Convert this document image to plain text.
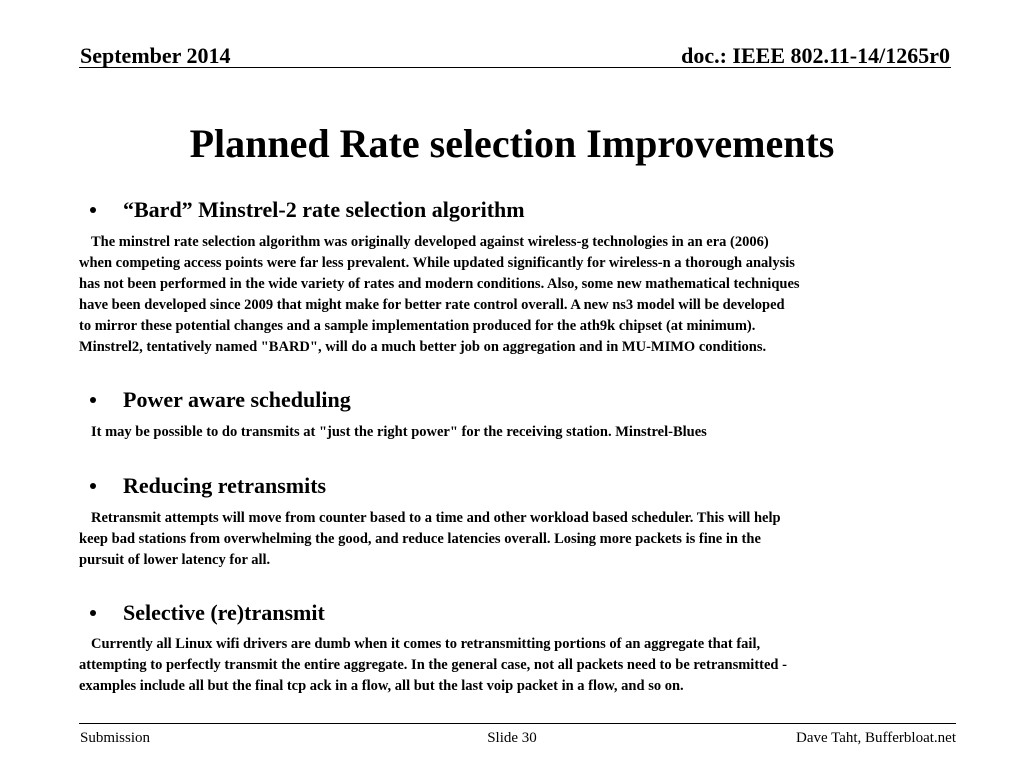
September 2014	doc.: IEEE 802.11-14/1265r0
Planned Rate selection Improvements
“Bard” Minstrel-2 rate selection algorithm
The minstrel rate selection algorithm was originally developed against wireless-g technologies in an era (2006)
when competing access points were far less prevalent. While updated significantly for wireless-n a thorough analysis
has not been performed in the wide variety of rates and modern conditions. Also, some new mathematical techniques
have been developed since 2009 that might make for better rate control overall. A new ns3 model will be developed
to mirror these potential changes and a sample implementation produced for the ath9k chipset (at minimum).
Minstrel2, tentatively named "BARD", will do a much better job on aggregation and in MU-MIMO conditions.
Power aware scheduling
It may be possible to do transmits at "just the right power" for the receiving station. Minstrel-Blues
Reducing retransmits
Retransmit attempts will move from counter based to a time and other workload based scheduler. This will help
keep bad stations from overwhelming the good, and reduce latencies overall. Losing more packets is fine in the
pursuit of lower latency for all.
Selective (re)transmit
Currently all Linux wifi drivers are dumb when it comes to retransmitting portions of an aggregate that fail,
attempting to perfectly transmit the entire aggregate. In the general case, not all packets need to be retransmitted -
examples include all but the final tcp ack in a flow, all but the last voip packet in a flow, and so on.
Submission	Slide 30	Dave Taht, Bufferbloat.net
